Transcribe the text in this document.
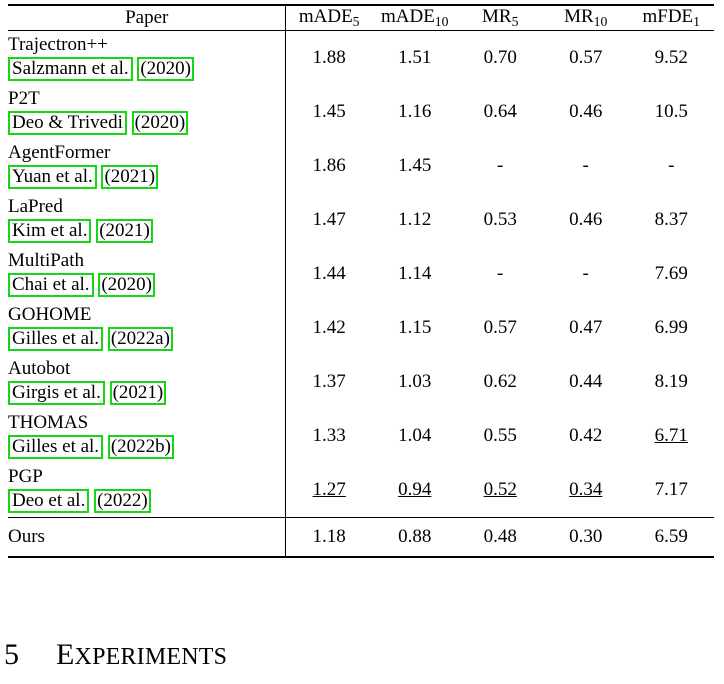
Paper	mADE$_5$	mADE$_{10}$	$MR_5$	$MR_{10}$	mFDE$_1$

Trajectron++
Salzmann et al. (2020)	1.88	1.51	0.70	0.57	9.52

P2T
Deo & Trivedi (2020)	1.45	1.16	0.64	0.46	10.5

AgentFormer
Yuan et al. (2021)	1.86	1.45	-	-	-

LaPred
Kim et al. (2021)	1.47	1.12	0.53	0.46	8.37

MultiPath
Chai et al. (2020)	1.44	1.14	-	-	7.69

GOHOME
Gilles et al. (2022a)	1.42	1.15	0.57	0.47	6.99

Autobot
Girgis et al. (2021)	1.37	1.03	0.62	0.44	8.19

THOMAS
Gilles et al. (2022b)	1.33	1.04	0.55	0.42	6.71

PGP
Deo et al. (2022)	1.27	0.94	0.52	0.34	7.17

Ours	1.18	0.88	0.48	0.30	6.59
5 EXPERIMENTS
